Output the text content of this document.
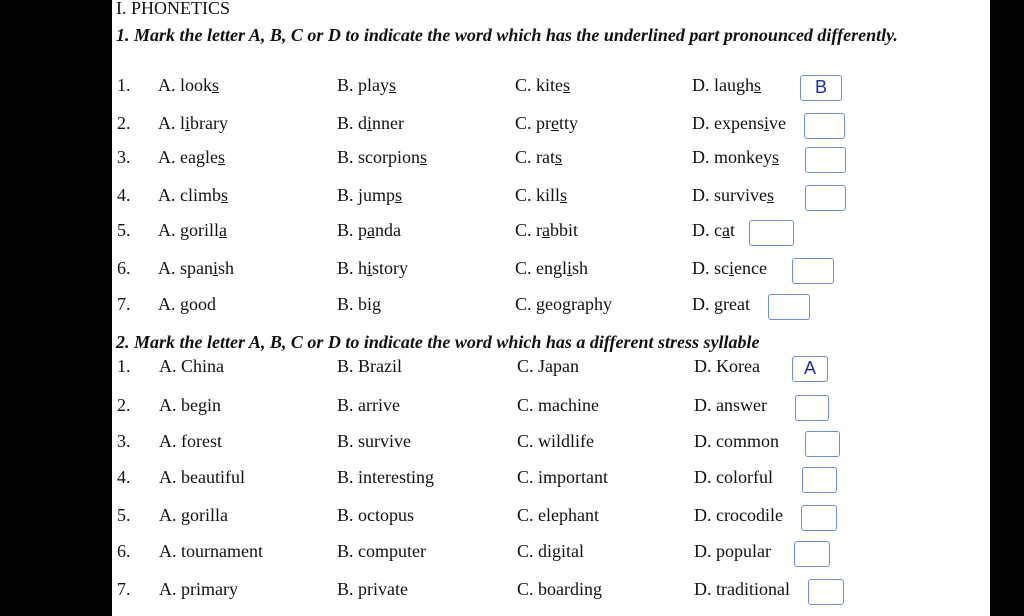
I. PHONETICS
1. Mark the letter A, B, C or D to indicate the word which has the underlined part pronounced differently.
1. A. looks	B. plays	C. kites	D. laughs	B
2. A. library	B. dinner	C. pretty	D. expensive
3. A. eagles	B. scorpions	C. rats	D. monkeys
4. A. climbs	B. jumps	C. kills	D. survives
5. A. gorilla	B. panda	C. rabbit	D. cat
6. A. spanish	B. history	C. english	D. science
7. A. good	B. big	C. geography	D. great
2. Mark the letter A, B, C or D to indicate the word which has a different stress syllable
1. A. China	B. Brazil	C. Japan	D. Korea	A
2. A. begin	B. arrive	C. machine	D. answer
3. A. forest	B. survive	C. wildlife	D. common
4. A. beautiful	B. interesting	C. important	D. colorful
5. A. gorilla	B. octopus	C. elephant	D. crocodile
6. A. tournament	B. computer	C. digital	D. popular
7. A. primary	B. private	C. boarding	D. traditional
